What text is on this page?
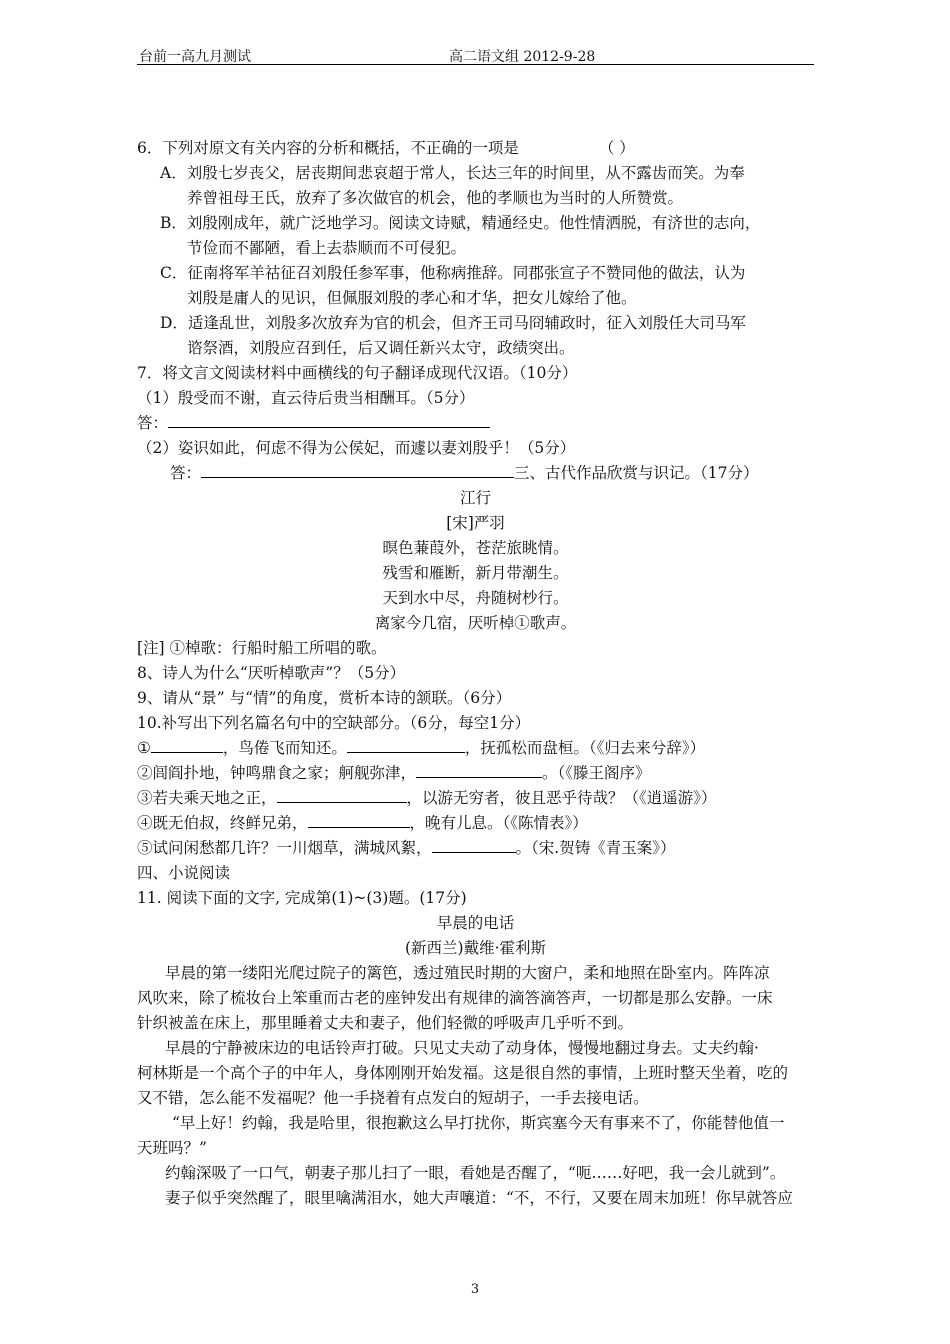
台前一高九月测试	高二语文组 2012-9-28
6．下列对原文有关内容的分析和概括，不正确的一项是	（ ）
A．刘殷七岁丧父，居丧期间悲哀超于常人，长达三年的时间里，从不露齿而笑。为奉
养曾祖母王氏，放弃了多次做官的机会，他的孝顺也为当时的人所赞赏。
B．刘殷刚成年，就广泛地学习。阅读文诗赋，精通经史。他性情洒脱，有济世的志向，
节俭而不鄙陋，看上去恭顺而不可侵犯。
C．征南将军羊祜征召刘殷任参军事，他称病推辞。同郡张宣子不赞同他的做法，认为
刘殷是庸人的见识，但佩服刘殷的孝心和才华，把女儿嫁给了他。
D．适逢乱世，刘殷多次放弃为官的机会，但齐王司马冏辅政时，征入刘殷任大司马军
谘祭酒，刘殷应召到任，后又调任新兴太守，政绩突出。
7．将文言文阅读材料中画横线的句子翻译成现代汉语。（10分）
（1）殷受而不谢，直云待后贵当相酬耳。（5分）
答：
（2）姿识如此，何虑不得为公侯妃，而遽以妻刘殷乎！（5分）
答：	三、古代作品欣赏与识记。（17分）
江行
[宋]严羽
暝色蒹葭外，苍茫旅眺情。
残雪和雁断，新月带潮生。
天到水中尽，舟随树杪行。
离家今几宿，厌听棹①歌声。
[注] ①棹歌：行船时船工所唱的歌。
8、诗人为什么“厌听棹歌声”？（5分）
9、请从“景” 与“情”的角度，赏析本诗的颔联。（6分）
10.补写出下列名篇名句中的空缺部分。（6分，每空1分）
①	，鸟倦飞而知还。	，抚孤松而盘桓。（《归去来兮辞》）
②闾阎扑地，钟鸣鼎食之家；舸舰弥津，	。（《滕王阁序》
③若夫乘天地之正，	，以游无穷者，彼且恶乎待哉？（《逍遥游》）
④既无伯叔，终鲜兄弟，	，晚有儿息。（《陈情表》）
⑤试问闲愁都几许？一川烟草，满城风絮，	。（宋.贺铸《青玉案》）
四、小说阅读
11. 阅读下面的文字, 完成第(1)~(3)题。(17分)
早晨的电话
(新西兰)戴维·霍利斯
早晨的第一缕阳光爬过院子的篱笆，透过殖民时期的大窗户，柔和地照在卧室内。阵阵凉
风吹来，除了梳妆台上笨重而古老的座钟发出有规律的滴答滴答声，一切都是那么安静。一床
针织被盖在床上，那里睡着丈夫和妻子，他们轻微的呼吸声几乎听不到。
早晨的宁静被床边的电话铃声打破。只见丈夫动了动身体，慢慢地翻过身去。丈夫约翰·
柯林斯是一个高个子的中年人，身体刚刚开始发福。这是很自然的事情，上班时整天坐着，吃的
又不错，怎么能不发福呢？他一手挠着有点发白的短胡子，一手去接电话。
“早上好！约翰，我是哈里，很抱歉这么早打扰你，斯宾塞今天有事来不了，你能替他值一
天班吗？”
约翰深吸了一口气，朝妻子那儿扫了一眼，看她是否醒了，“呃……好吧，我一会儿就到”。
妻子似乎突然醒了，眼里噙满泪水，她大声嚷道：“不，不行，又要在周末加班！你早就答应
3
